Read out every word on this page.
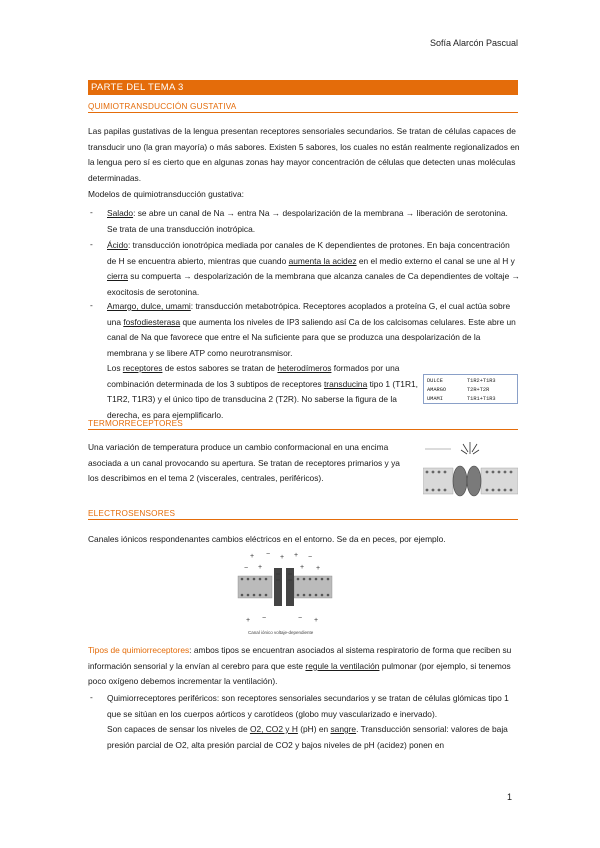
Sofía Alarcón Pascual
PARTE DEL TEMA 3
QUIMIOTRANSDUCCIÓN GUSTATIVA
Las papilas gustativas de la lengua presentan receptores sensoriales secundarios. Se tratan de células capaces de transducir uno (la gran mayoría) o más sabores. Existen 5 sabores, los cuales no están realmente regionalizados en la lengua pero sí es cierto que en algunas zonas hay mayor concentración de células que detecten unas moléculas determinadas.
Modelos de quimiotransducción gustativa:
- Salado: se abre un canal de Na → entra Na → despolarización de la membrana → liberación de serotonina. Se trata de una transducción inotrópica.
- Ácido: transducción ionotrópica mediada por canales de K dependientes de protones. En baja concentración de H se encuentra abierto, mientras que cuando aumenta la acidez en el medio externo el canal se une al H y cierra su compuerta → despolarización de la membrana que alcanza canales de Ca dependientes de voltaje → exocitosis de serotonina.
- Amargo, dulce, umami: transducción metabotrópica. Receptores acoplados a proteína G, el cual actúa sobre una fosfodiesterasa que aumenta los niveles de IP3 saliendo así Ca de los calcisomas celulares. Este abre un canal de Na que favorece que entre el Na suficiente para que se produzca una despolarización de la membrana y se libere ATP como neurotransmisor.
Los receptores de estos sabores se tratan de heterodímeros formados por una combinación determinada de los 3 subtipos de receptores transducina tipo 1 (T1R1, T1R2, T1R3) y el único tipo de transducina 2 (T2R). No saberse la figura de la derecha, es para ejemplificarlo.
DULCE	T1R2+T1R3
AMARGO	T2R+T2R
UMAMI	T1R1+T1R3
TERMORRECEPTORES
Una variación de temperatura produce un cambio conformacional en una encima asociada a un canal provocando su apertura. Se tratan de receptores primarios y ya los describimos en el tema 2 (viscerales, centrales, periféricos).
ELECTROSENSORES
Canales iónicos respondenantes cambios eléctricos en el entorno. Se da en peces, por ejemplo.
+ − + + −
− +	+ +
+ −	− +
Canal iónico voltaje-dependiente
Tipos de quimiorreceptores: ambos tipos se encuentran asociados al sistema respiratorio de forma que reciben su información sensorial y la envían al cerebro para que este regule la ventilación pulmonar (por ejemplo, si tenemos poco oxígeno debemos incrementar la ventilación).
- Quimiorreceptores periféricos: son receptores sensoriales secundarios y se tratan de células glómicas tipo 1 que se sitúan en los cuerpos aórticos y carotídeos (globo muy vascularizado e inervado).
Son capaces de sensar los niveles de O2, CO2 y H (pH) en sangre. Transducción sensorial: valores de baja presión parcial de O2, alta presión parcial de CO2 y bajos niveles de pH (acidez) ponen en
1
